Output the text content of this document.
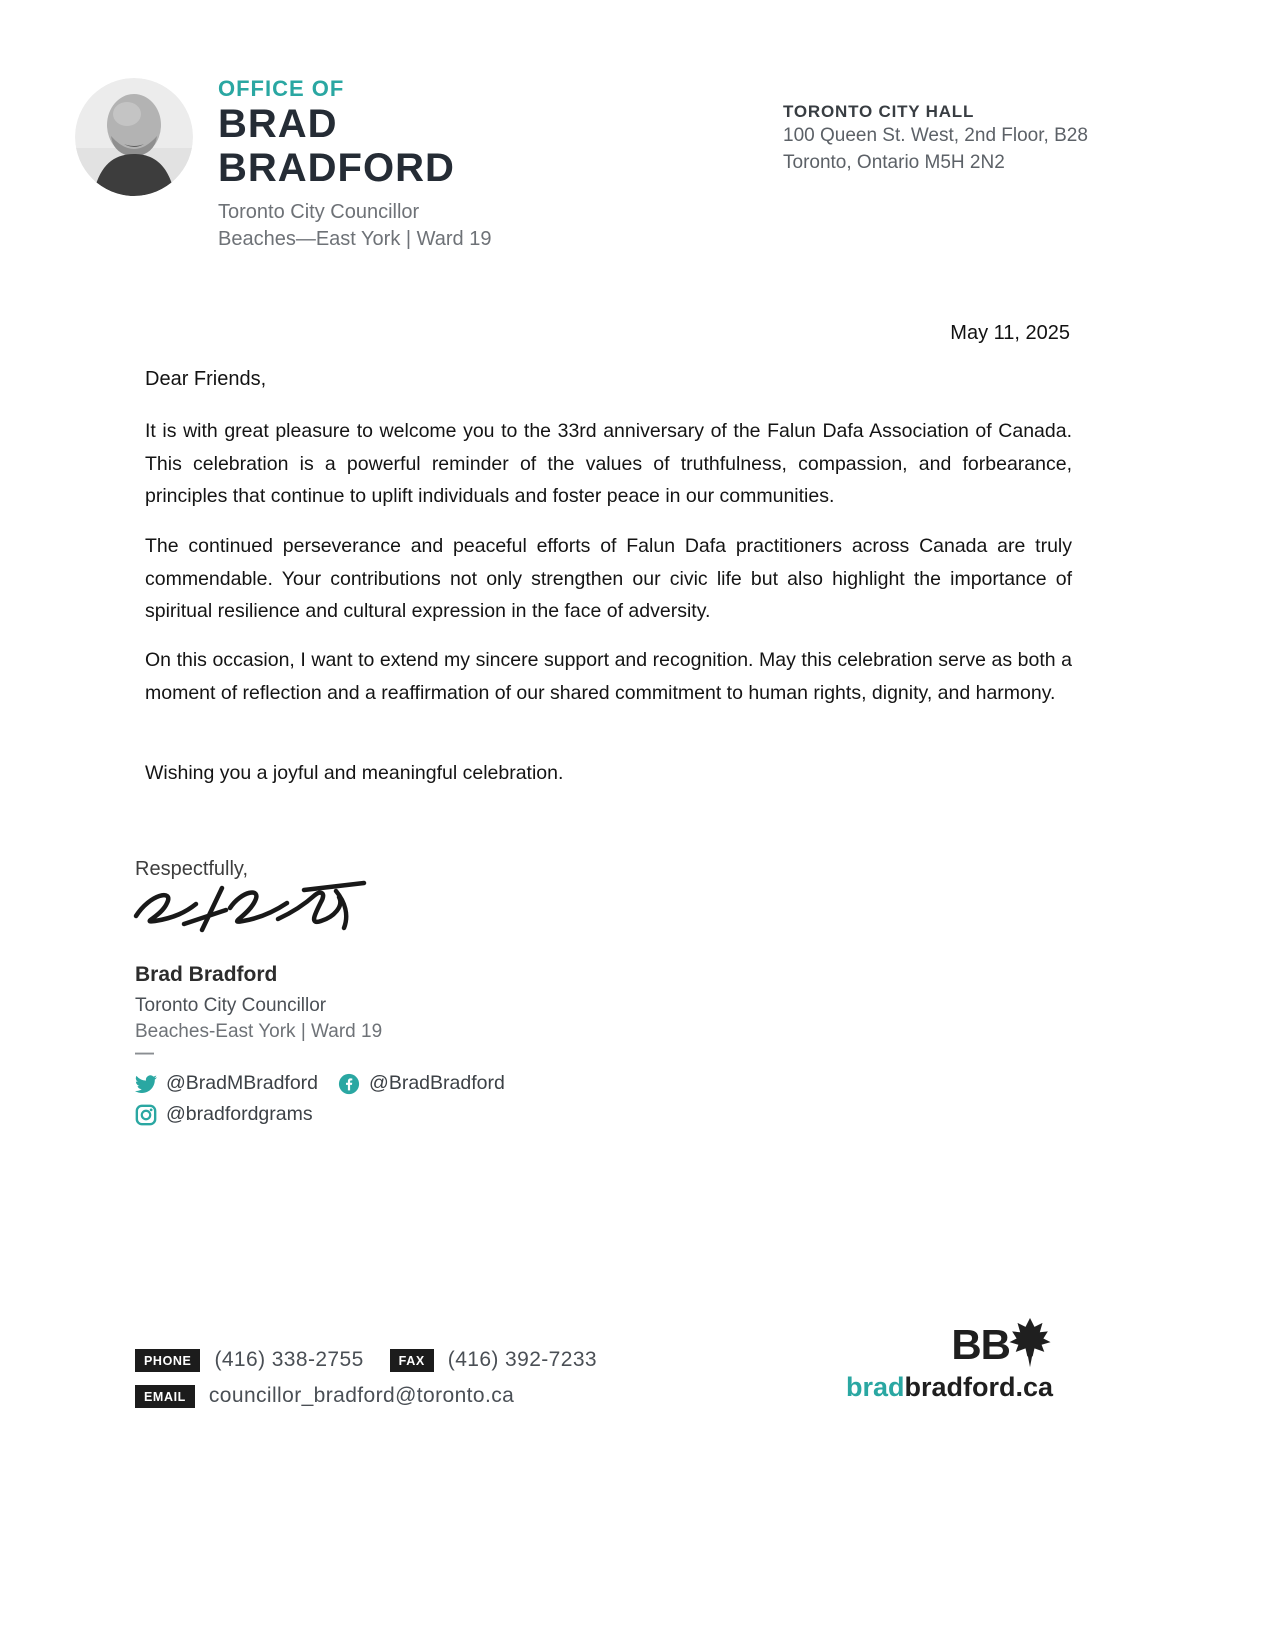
OFFICE OF
BRAD
BRADFORD
Toronto City Councillor
Beaches—East York | Ward 19
TORONTO CITY HALL
100 Queen St. West, 2nd Floor, B28
Toronto, Ontario M5H 2N2
May 11, 2025
Dear Friends,

It is with great pleasure to welcome you to the 33rd anniversary of the Falun Dafa Association of Canada. This celebration is a powerful reminder of the values of truthfulness, compassion, and forbearance, principles that continue to uplift individuals and foster peace in our communities.

The continued perseverance and peaceful efforts of Falun Dafa practitioners across Canada are truly commendable. Your contributions not only strengthen our civic life but also highlight the importance of spiritual resilience and cultural expression in the face of adversity.

On this occasion, I want to extend my sincere support and recognition. May this celebration serve as both a moment of reflection and a reaffirmation of our shared commitment to human rights, dignity, and harmony.

Wishing you a joyful and meaningful celebration.

Respectfully,
Brad Bradford
Toronto City Councillor
Beaches-East York | Ward 19
—
@BradMBradford	@BradBradford
@bradfordgrams
PHONE	(416) 338-2755	FAX	(416) 392-7233
EMAIL	councillor_bradford@toronto.ca
BB
bradbradford.ca
